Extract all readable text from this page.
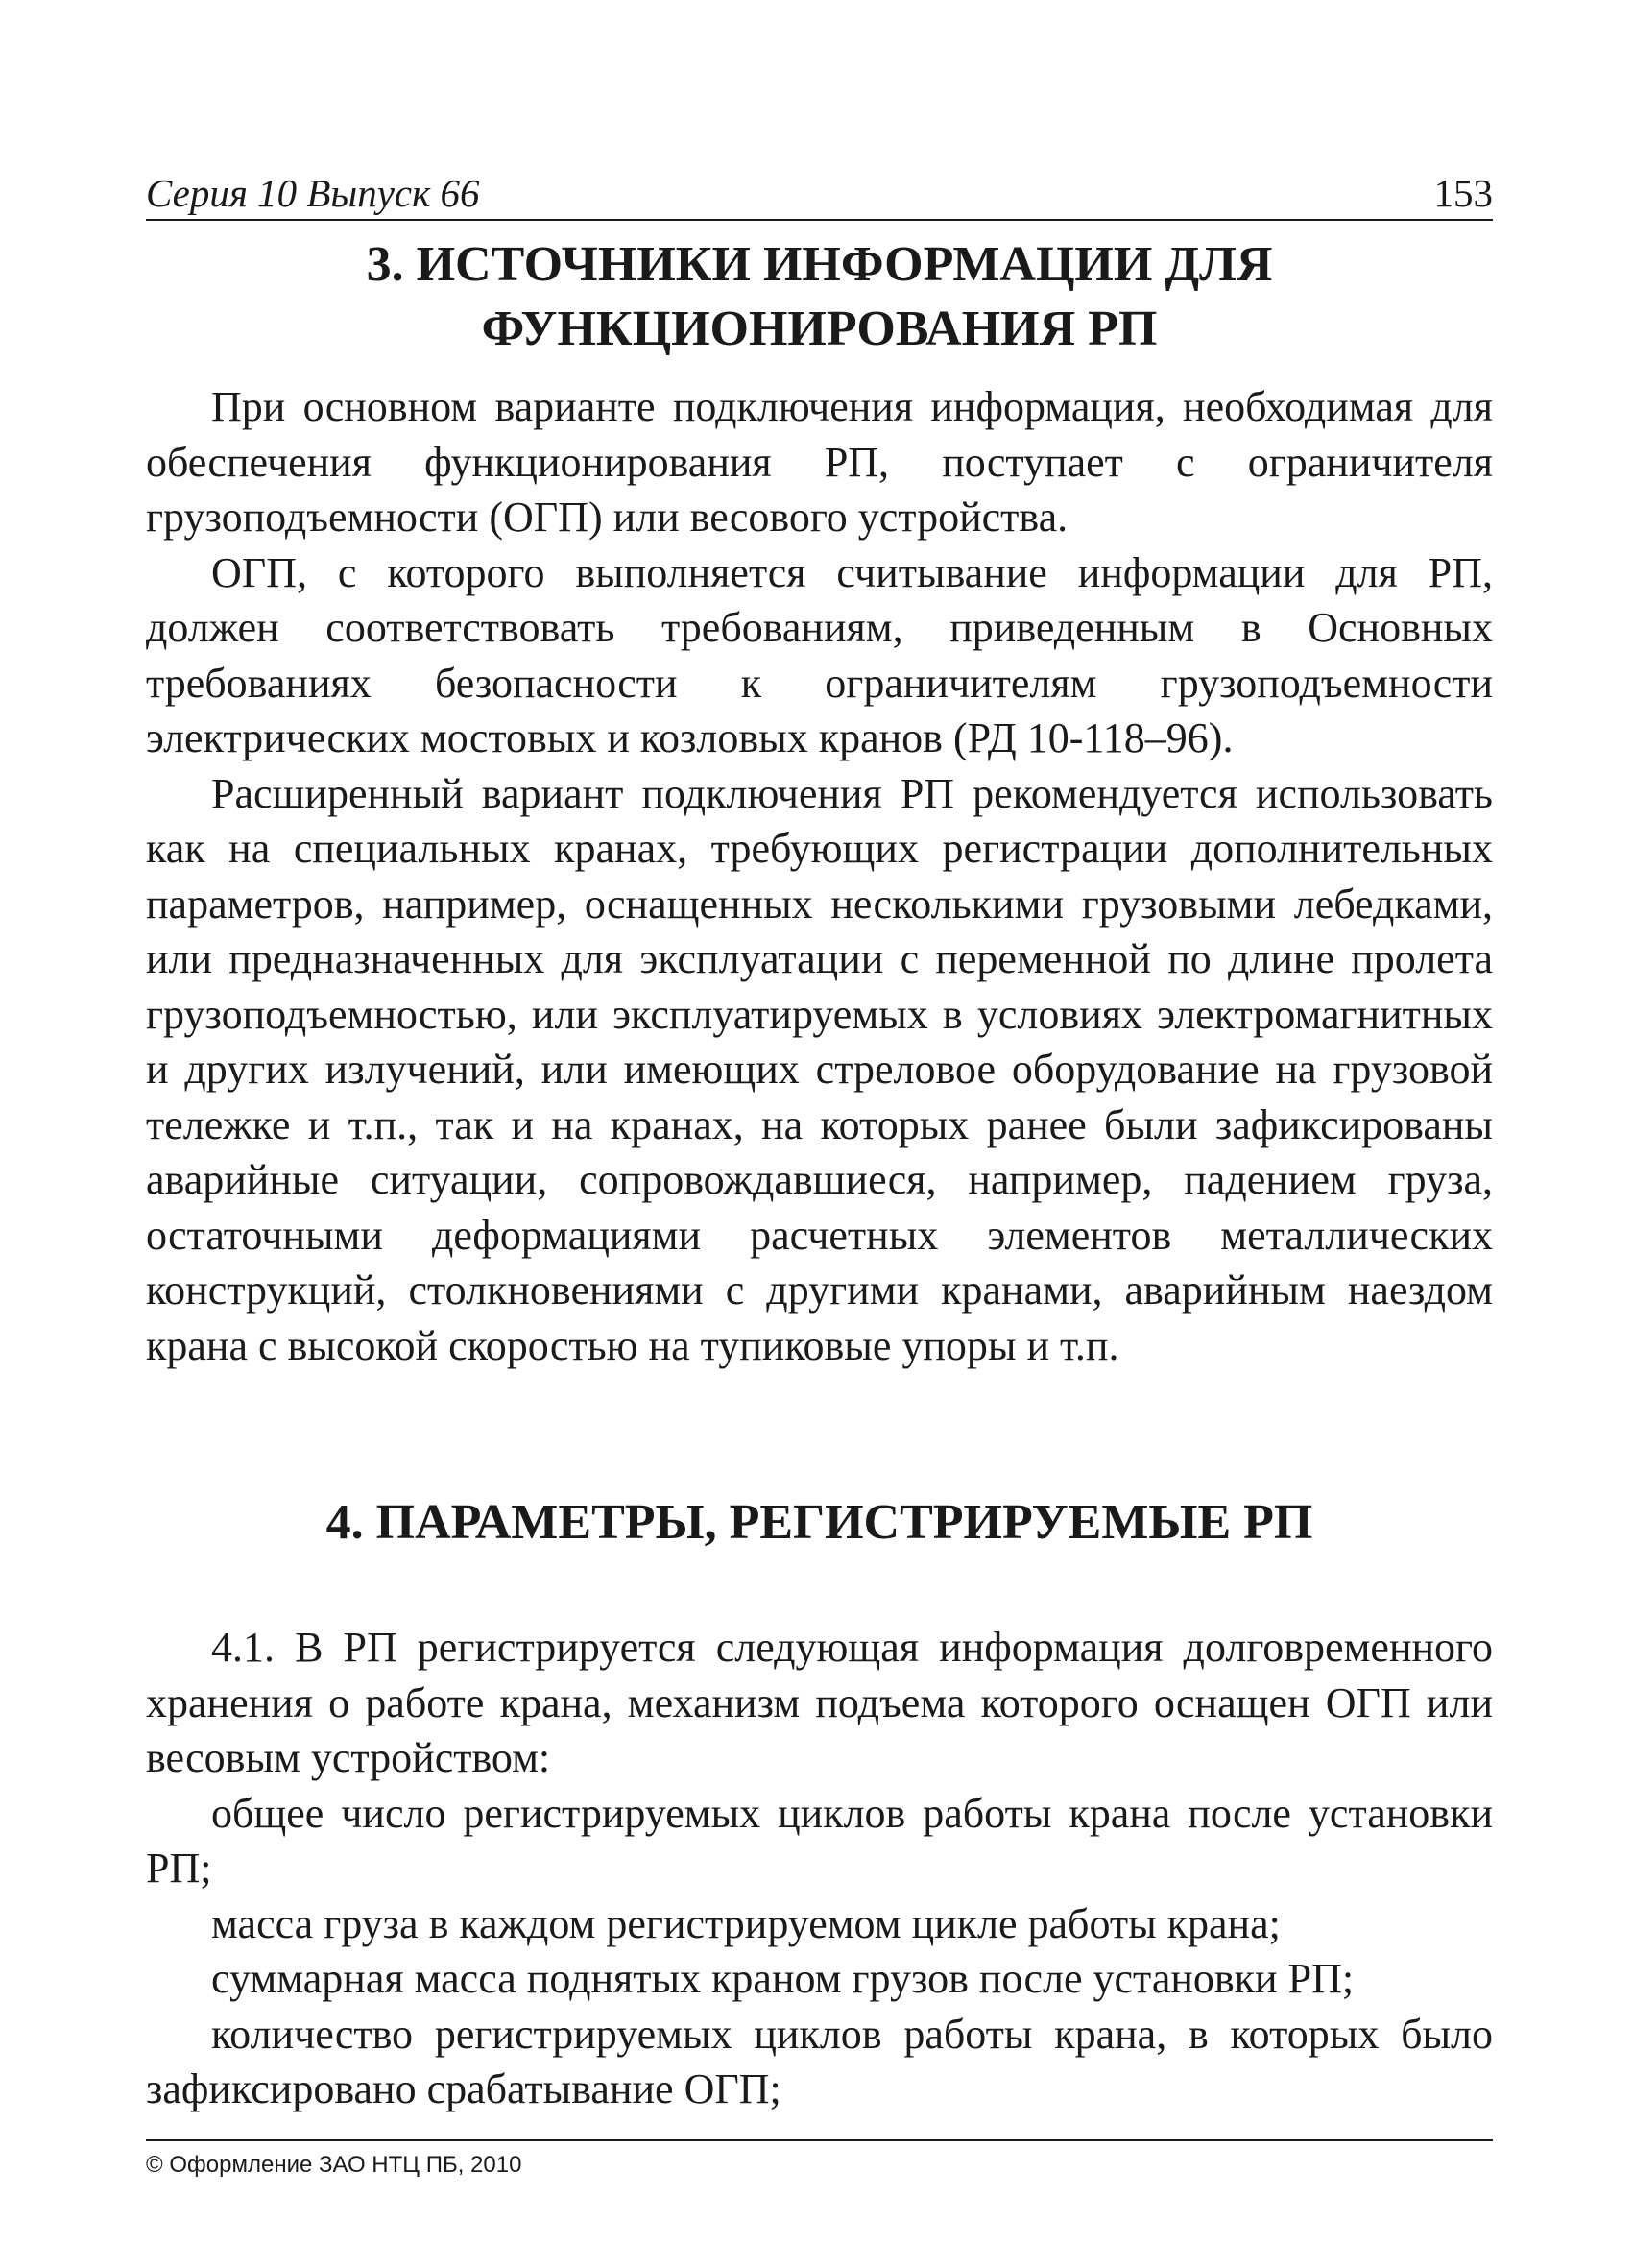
Серия 10 Выпуск 66	153
3. ИСТОЧНИКИ ИНФОРМАЦИИ ДЛЯ
ФУНКЦИОНИРОВАНИЯ РП

При основном варианте подключения информация, необходимая для обеспечения функционирования РП, поступает с ограничителя грузоподъемности (ОГП) или весового устройства.

ОГП, с которого выполняется считывание информации для РП, должен соответствовать требованиям, приведенным в Основных требованиях безопасности к ограничителям грузоподъемности электрических мостовых и козловых кранов (РД 10-118–96).

Расширенный вариант подключения РП рекомендуется использовать как на специальных кранах, требующих регистрации дополнительных параметров, например, оснащенных несколькими грузовыми лебедками, или предназначенных для эксплуатации с переменной по длине пролета грузоподъемностью, или эксплуатируемых в условиях электромагнитных и других излучений, или имеющих стреловое оборудование на грузовой тележке и т.п., так и на кранах, на которых ранее были зафиксированы аварийные ситуации, сопровождавшиеся, например, падением груза, остаточными деформациями расчетных элементов металлических конструкций, столкновениями с другими кранами, аварийным наездом крана с высокой скоростью на тупиковые упоры и т.п.

4. ПАРАМЕТРЫ, РЕГИСТРИРУЕМЫЕ РП

4.1. В РП регистрируется следующая информация долговременного хранения о работе крана, механизм подъема которого оснащен ОГП или весовым устройством:

общее число регистрируемых циклов работы крана после установки РП;

масса груза в каждом регистрируемом цикле работы крана;

суммарная масса поднятых краном грузов после установки РП;

количество регистрируемых циклов работы крана, в которых было зафиксировано срабатывание ОГП;

© Оформление ЗАО НТЦ ПБ, 2010
